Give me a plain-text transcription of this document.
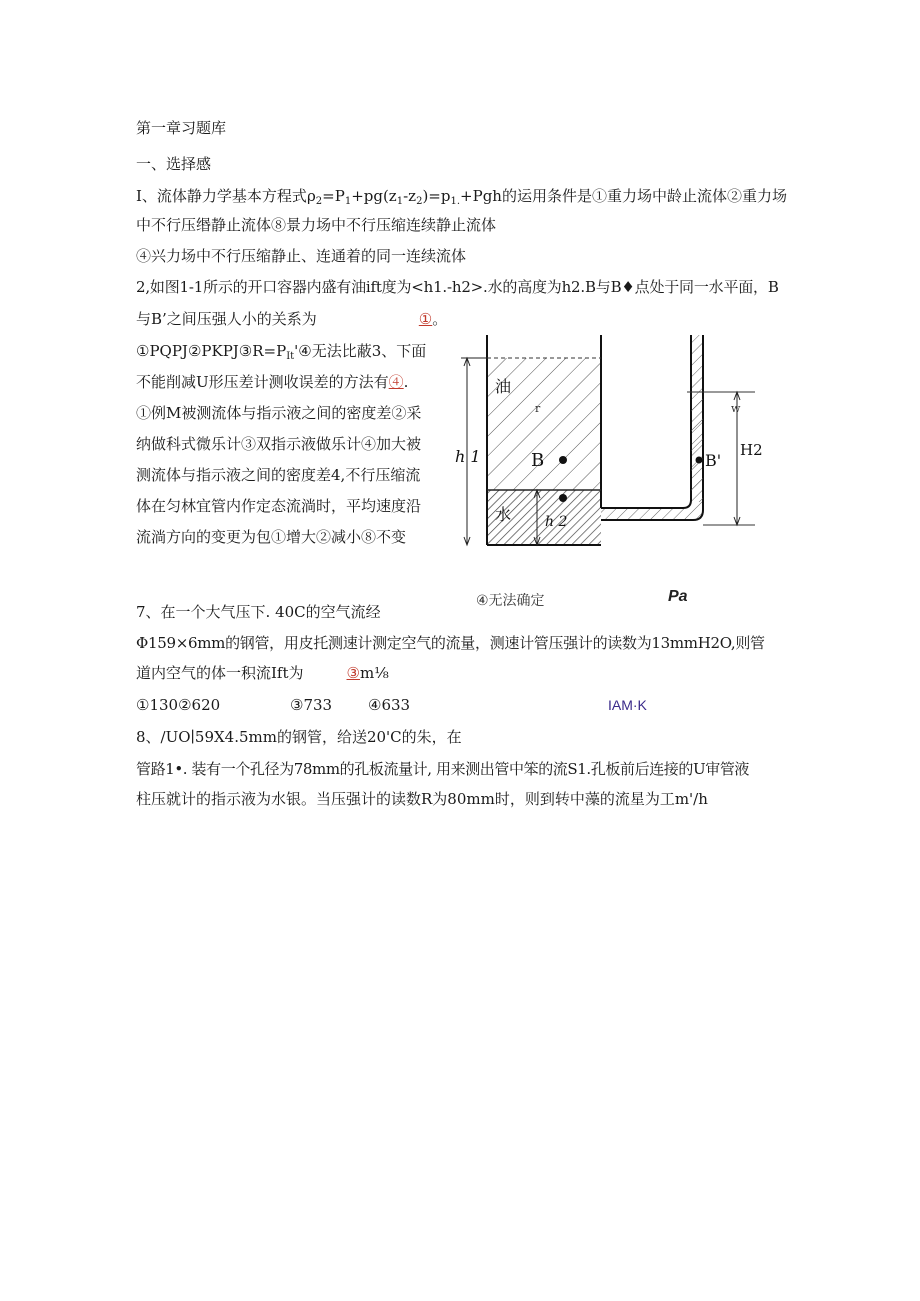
第一章习题库
一、选择感
I、流体静力学基本方程式$\rho_2=P_1+pg(z_1-z_2)=p_{1.}+Pgh$的运用条件是①重力场中龄止流体②重力场
中不行压缗静止流体⑧景力场中不行压缩连续静止流体
④兴力场中不行压缩静止、连通着的同一连续流体
2,如图1-1所示的开口容器内盛有油ift度为<h1.-h2>.水的高度为h2.B与B♦点处于同一水平面，B
与B’之间压强人小的关系为	①。
$①PQPJ②PKPJ③R=P_{It}'④$无法比蔽3、下面
不能削减U形压差计测收误差的方法有④.
①例M被测流体与指示液之间的密度差②采
纳做科式微乐计③双指示液做乐计④加大被
测流体与指示液之间的密度差4,不行压缩流
体在匀林宜管内作定态流淌时，平均速度沿
流淌方向的变更为包①增大②减小⑧不变
油
r
h 1	B
水 h 2
B'
H2
w
④无法确定	Pa
7、在一个大气压下. 40C的空气流经
Φ159×6mm的钢管，用皮托测速计测定空气的流量，测速计管压强计的读数为13mmH2O,则管
道内空气的体一积流Ift为	③m⅛
①130②620	③733 ④633	IAM·K
8、/UO∣59X4.5mm的钢管，给送20'C的朱，在
管路1•. 装有一个孔径为78mm的孔板流量计, 用来测出管中笨的流S1.孔板前后连接的U审管液
柱压就计的指示液为水银。当压强计的读数R为80mm时，则到转中藻的流星为工m'/h
